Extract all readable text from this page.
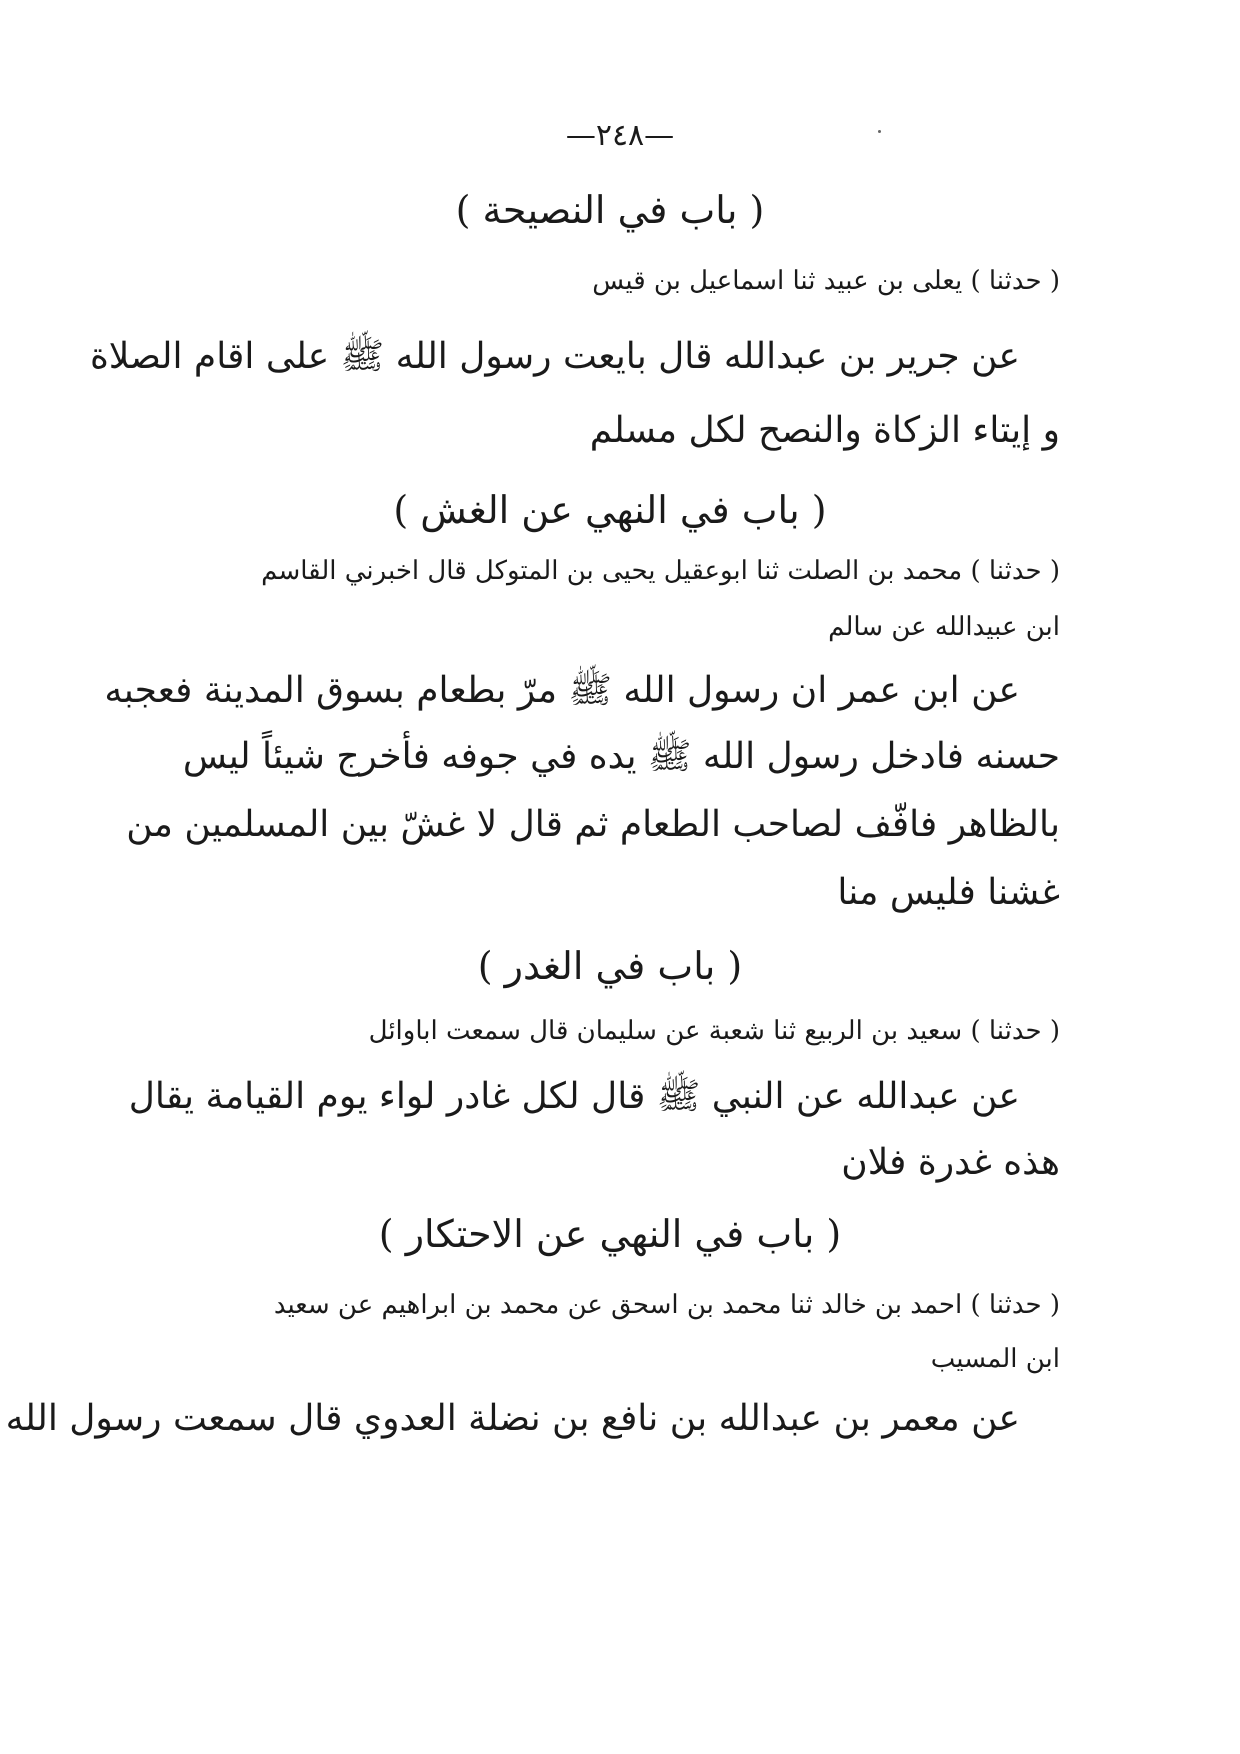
—٢٤٨—
( باب في النصيحة )
( حدثنا ) يعلى بن عبيد ثنا اسماعيل بن قيس
عن جرير بن عبدالله قال بايعت رسول الله ﷺ على اقام الصلاة
و إيتاء الزكاة والنصح لكل مسلم
( باب في النهي عن الغش )
( حدثنا ) محمد بن الصلت ثنا ابوعقيل يحيى بن المتوكل قال اخبرني القاسم
ابن عبيدالله عن سالم
عن ابن عمر ان رسول الله ﷺ مرّ بطعام بسوق المدينة فعجبه
حسنه فادخل رسول الله ﷺ يده في جوفه فأخرج شيئاً ليس
بالظاهر فافّف لصاحب الطعام ثم قال لا غشّ بين المسلمين من
غشنا فليس منا
( باب في الغدر )
( حدثنا ) سعيد بن الربيع ثنا شعبة عن سليمان قال سمعت اباوائل
عن عبدالله عن النبي ﷺ قال لكل غادر لواء يوم القيامة يقال
هذه غدرة فلان
( باب في النهي عن الاحتكار )
( حدثنا ) احمد بن خالد ثنا محمد بن اسحق عن محمد بن ابراهيم عن سعيد
ابن المسيب
عن معمر بن عبدالله بن نافع بن نضلة العدوي قال سمعت رسول الله
